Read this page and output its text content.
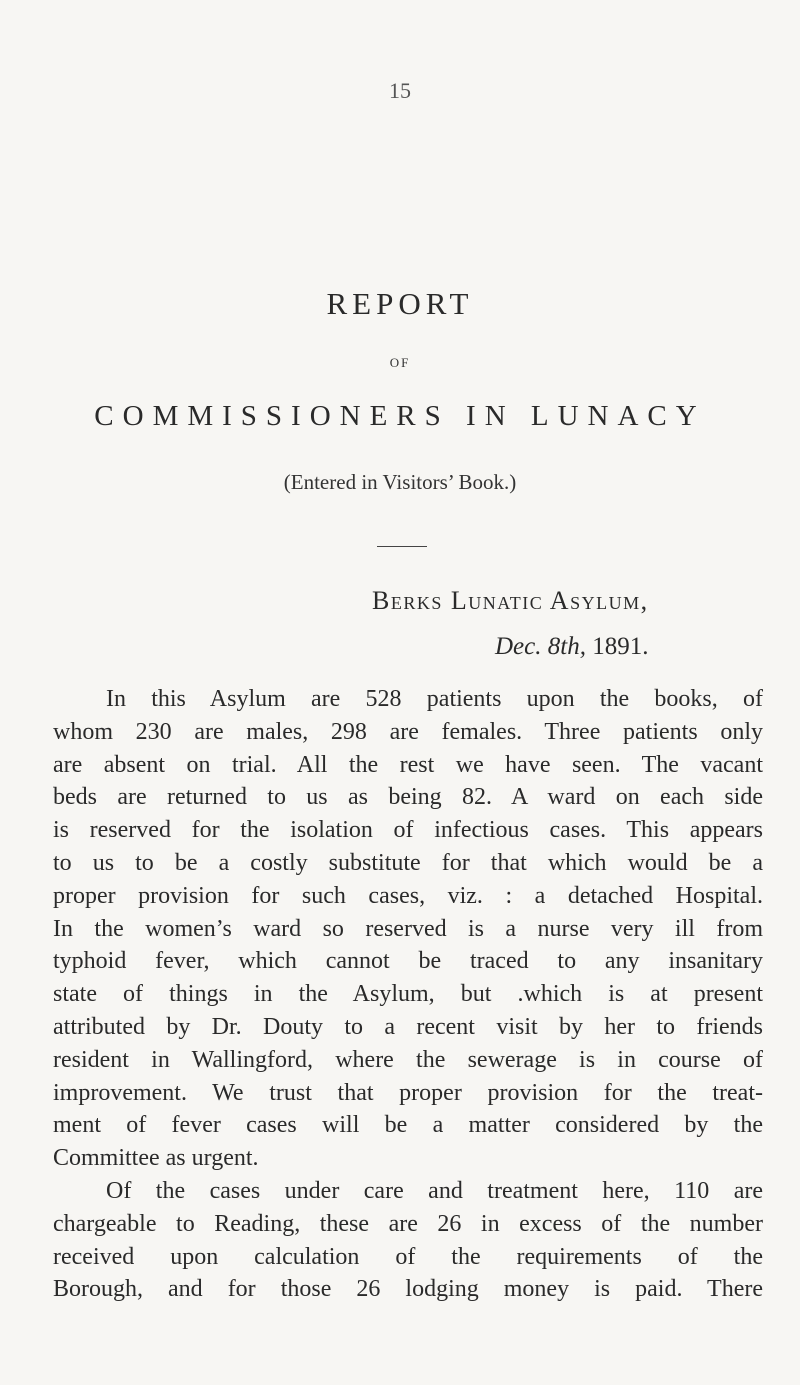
15
REPORT
OF
COMMISSIONERS IN LUNACY
(Entered in Visitors’ Book.)
Berks Lunatic Asylum,
Dec. 8th, 1891.
In this Asylum are 528 patients upon the books, of
whom 230 are males, 298 are females. Three patients only
are absent on trial. All the rest we have seen. The vacant
beds are returned to us as being 82. A ward on each side
is reserved for the isolation of infectious cases. This appears
to us to be a costly substitute for that which would be a
proper provision for such cases, viz. : a detached Hospital.
In the women’s ward so reserved is a nurse very ill from
typhoid fever, which cannot be traced to any insanitary
state of things in the Asylum, but .which is at present
attributed by Dr. Douty to a recent visit by her to friends
resident in Wallingford, where the sewerage is in course of
improvement. We trust that proper provision for the treat-
ment of fever cases will be a matter considered by the
Committee as urgent.
Of the cases under care and treatment here, 110 are
chargeable to Reading, these are 26 in excess of the number
received upon calculation of the requirements of the
Borough, and for those 26 lodging money is paid. There
